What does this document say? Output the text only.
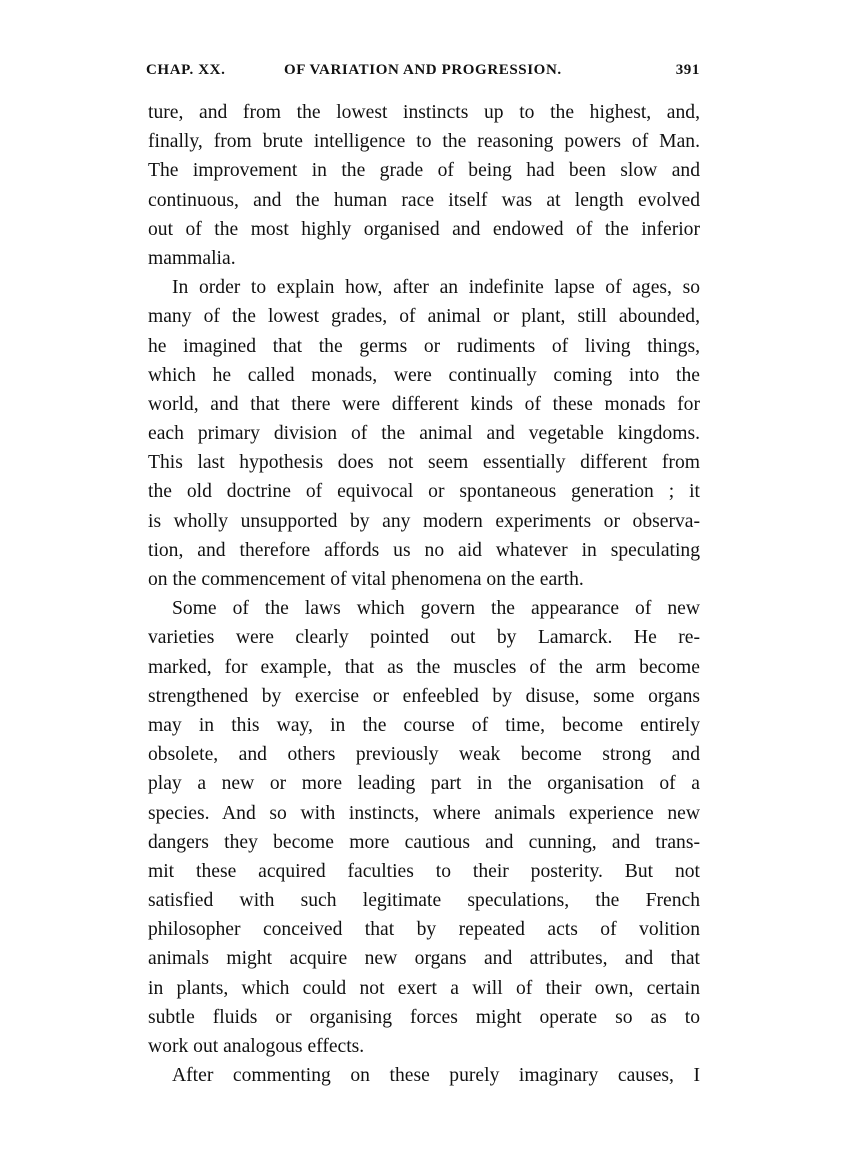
CHAP. XX.	OF VARIATION AND PROGRESSION.	391
ture, and from the lowest instincts up to the highest, and,
finally, from brute intelligence to the reasoning powers of Man.
The improvement in the grade of being had been slow and
continuous, and the human race itself was at length evolved
out of the most highly organised and endowed of the inferior
mammalia.
In order to explain how, after an indefinite lapse of ages, so
many of the lowest grades, of animal or plant, still abounded,
he imagined that the germs or rudiments of living things,
which he called monads, were continually coming into the
world, and that there were different kinds of these monads for
each primary division of the animal and vegetable kingdoms.
This last hypothesis does not seem essentially different from
the old doctrine of equivocal or spontaneous generation ; it
is wholly unsupported by any modern experiments or observa-
tion, and therefore affords us no aid whatever in speculating
on the commencement of vital phenomena on the earth.
Some of the laws which govern the appearance of new
varieties were clearly pointed out by Lamarck. He re-
marked, for example, that as the muscles of the arm become
strengthened by exercise or enfeebled by disuse, some organs
may in this way, in the course of time, become entirely
obsolete, and others previously weak become strong and
play a new or more leading part in the organisation of a
species. And so with instincts, where animals experience new
dangers they become more cautious and cunning, and trans-
mit these acquired faculties to their posterity. But not
satisfied with such legitimate speculations, the French
philosopher conceived that by repeated acts of volition
animals might acquire new organs and attributes, and that
in plants, which could not exert a will of their own, certain
subtle fluids or organising forces might operate so as to
work out analogous effects.
After commenting on these purely imaginary causes, I
